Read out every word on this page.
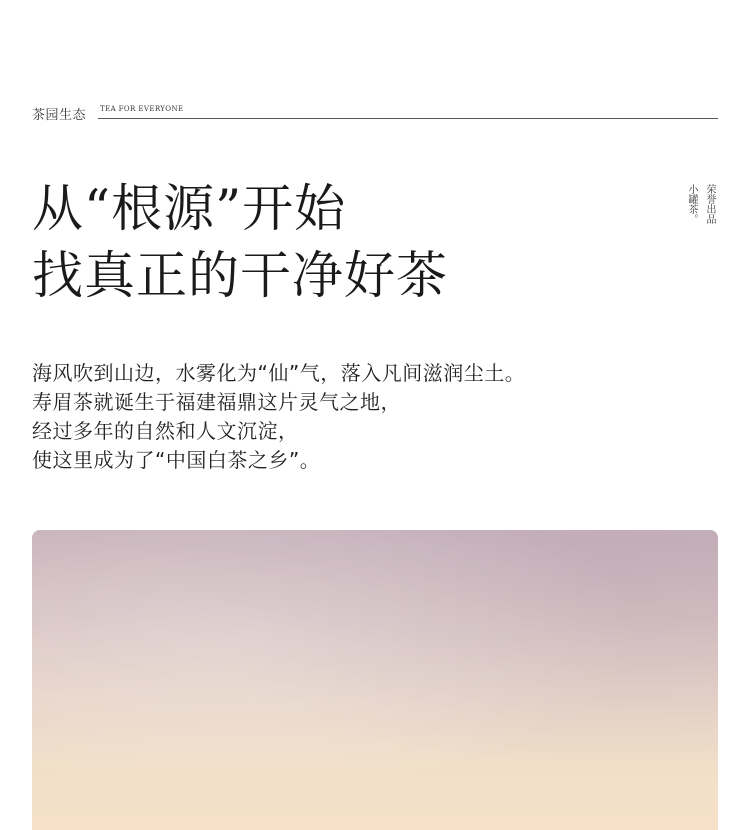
茶园生态 TEA FOR EVERYONE
从“根源”开始
找真正的干净好茶
荣誉出品
小罐茶。

海风吹到山边，水雾化为“仙”气，落入凡间滋润尘土。
寿眉茶就诞生于福建福鼎这片灵气之地，
经过多年的自然和人文沉淀，
使这里成为了“中国白茶之乡”。
